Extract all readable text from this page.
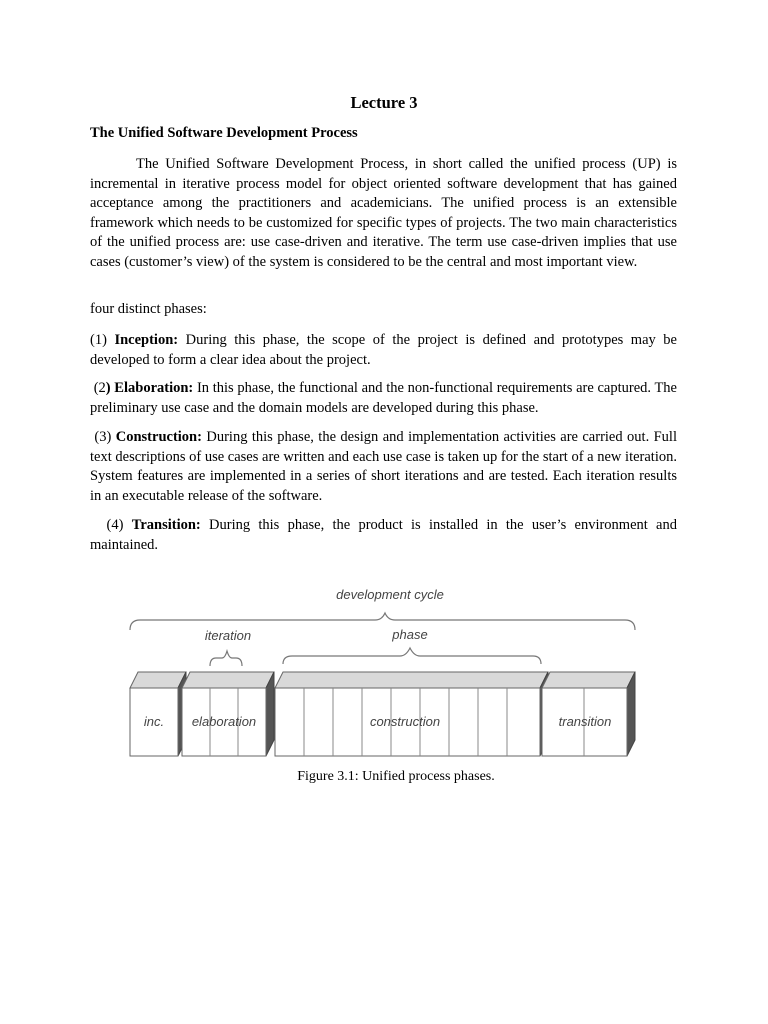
Lecture 3
The Unified Software Development Process

The Unified Software Development Process, in short called the unified process (UP) is incremental in iterative process model for object oriented software development that has gained acceptance among the practitioners and academicians. The unified process is an extensible framework which needs to be customized for specific types of projects. The two main characteristics of the unified process are: use case-driven and iterative. The term use case-driven implies that use cases (customer’s view) of the system is considered to be the central and most important view.

four distinct phases:

(1) Inception: During this phase, the scope of the project is defined and prototypes may be developed to form a clear idea about the project.

(2) Elaboration: In this phase, the functional and the non-functional requirements are captured. The preliminary use case and the domain models are developed during this phase.

(3) Construction: During this phase, the design and implementation activities are carried out. Full text descriptions of use cases are written and each use case is taken up for the start of a new iteration. System features are implemented in a series of short iterations and are tested. Each iteration results in an executable release of the software.

(4) Transition: During this phase, the product is installed in the user’s environment and maintained.

development cycle
iteration	phase
inc. elaboration	construction	transition
Figure 3.1: Unified process phases.
